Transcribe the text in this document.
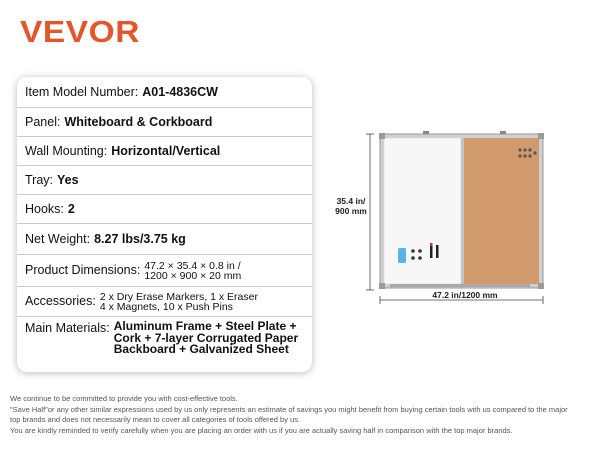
VEVOR
Item Model Number: A01-4836CW
Panel: Whiteboard & Corkboard
Wall Mounting: Horizontal/Vertical
Tray: Yes
Hooks: 2
Net Weight: 8.27 lbs/3.75 kg
Product Dimensions: 47.2 × 35.4 × 0.8 in /
1200 × 900 × 20 mm
Accessories: 2 x Dry Erase Markers, 1 x Eraser
4 x Magnets, 10 x Push Pins
Main Materials: Aluminum Frame + Steel Plate + Cork + 7-layer Corrugated Paper Backboard + Galvanized Sheet
35.4 in/
900 mm
47.2 in/1200 mm
We continue to be committed to provide you with cost-effective tools.
"Save Half"or any other similar expressions used by us only represents an estimate of savings you might benefit from buying certain tools with us compared to the major
top brands and does not necessarily mean to cover all categories of tools offered by us.
You are kindly reminded to verify carefully when you are placing an order with us if you are actually saving half in comparison with the top major brands.
